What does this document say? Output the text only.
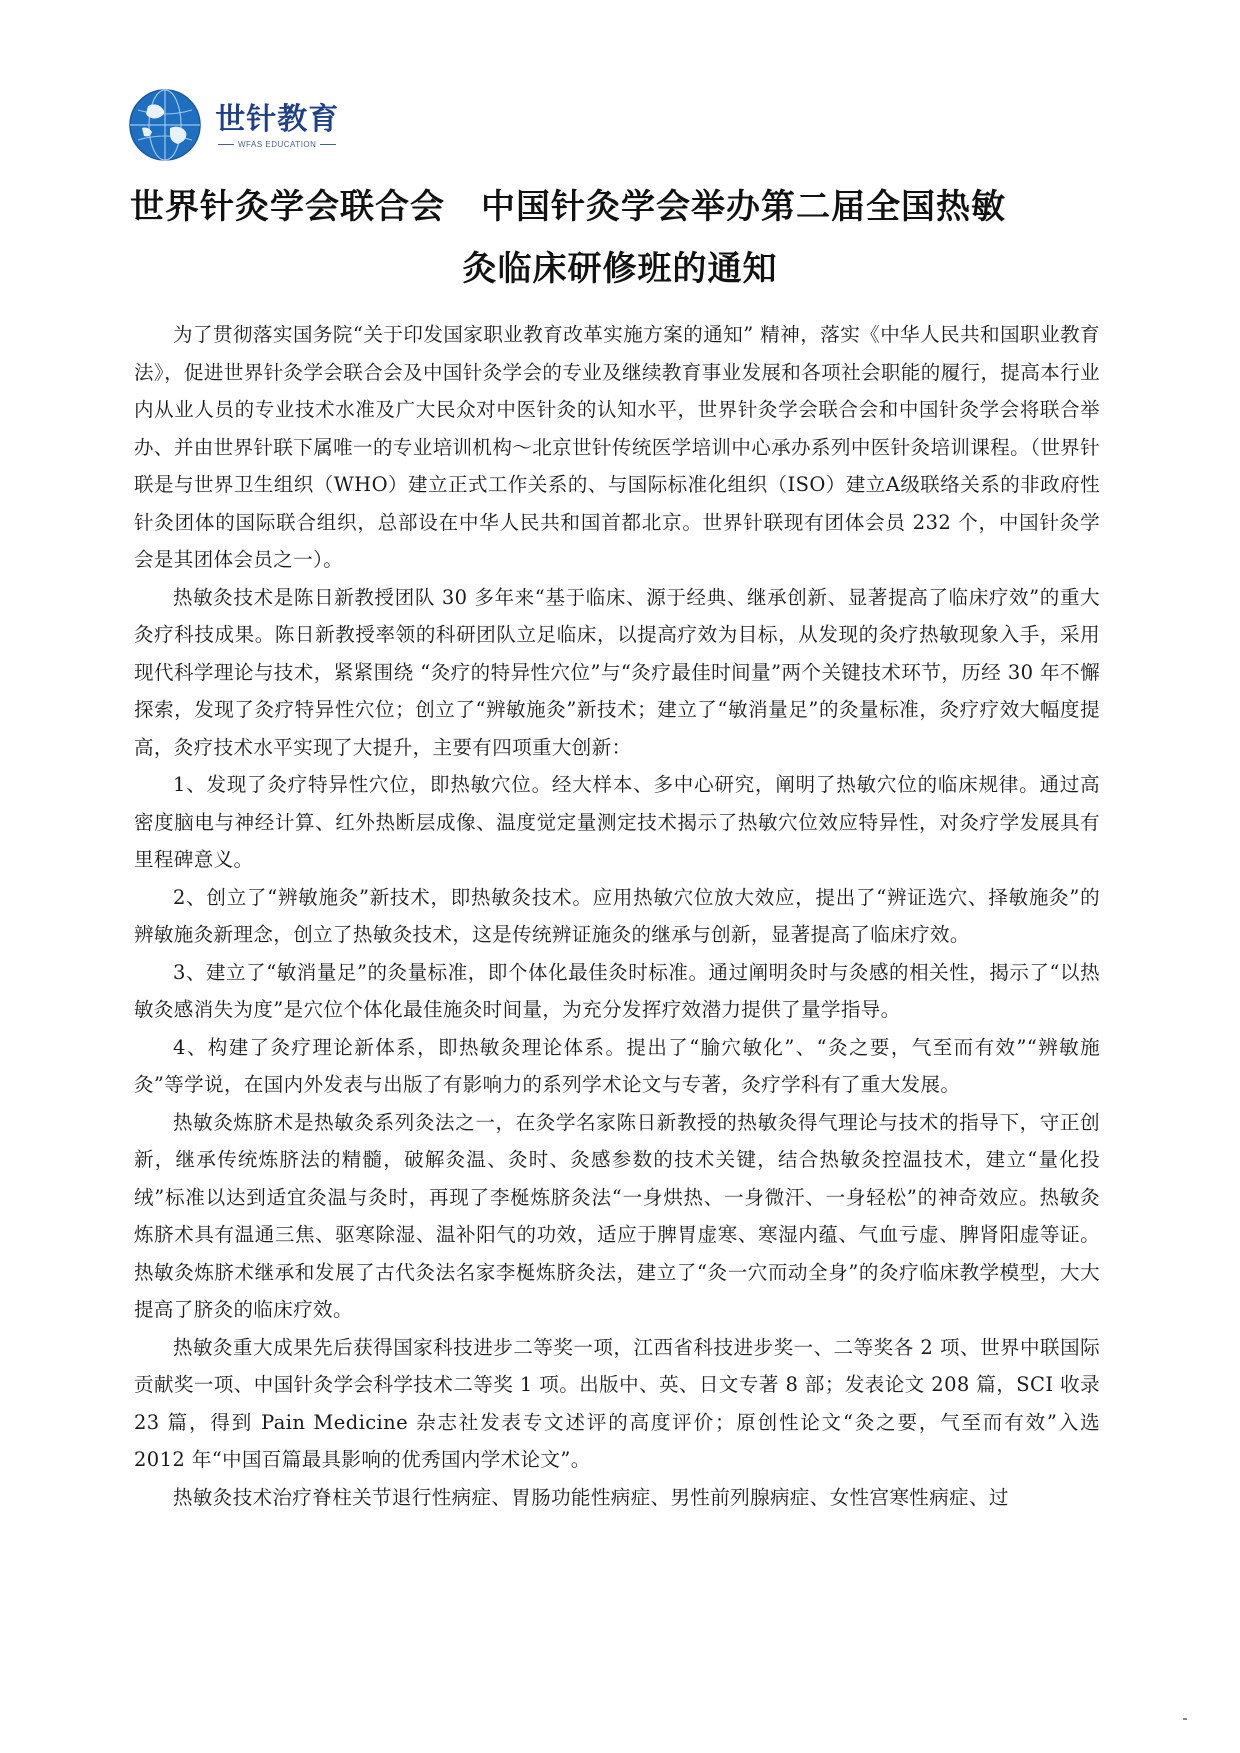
世针教育
WFAS EDUCATION
世界针灸学会联合会 中国针灸学会举办第二届全国热敏
灸临床研修班的通知

为了贯彻落实国务院“关于印发国家职业教育改革实施方案的通知” 精神，落实《中华人民共和国职业教育法》，促进世界针灸学会联合会及中国针灸学会的专业及继续教育事业发展和各项社会职能的履行，提高本行业内从业人员的专业技术水准及广大民众对中医针灸的认知水平，世界针灸学会联合会和中国针灸学会将联合举办、并由世界针联下属唯一的专业培训机构～北京世针传统医学培训中心承办系列中医针灸培训课程。（世界针联是与世界卫生组织（WHO）建立正式工作关系的、与国际标准化组织（ISO）建立A级联络关系的非政府性针灸团体的国际联合组织，总部设在中华人民共和国首都北京。世界针联现有团体会员 232 个，中国针灸学会是其团体会员之一）。

热敏灸技术是陈日新教授团队 30 多年来“基于临床、源于经典、继承创新、显著提高了临床疗效”的重大灸疗科技成果。陈日新教授率领的科研团队立足临床，以提高疗效为目标，从发现的灸疗热敏现象入手，采用现代科学理论与技术，紧紧围绕 “灸疗的特异性穴位”与“灸疗最佳时间量”两个关键技术环节，历经 30 年不懈探索，发现了灸疗特异性穴位；创立了“辨敏施灸”新技术；建立了“敏消量足”的灸量标准，灸疗疗效大幅度提高，灸疗技术水平实现了大提升，主要有四项重大创新：

1、发现了灸疗特异性穴位，即热敏穴位。经大样本、多中心研究，阐明了热敏穴位的临床规律。通过高密度脑电与神经计算、红外热断层成像、温度觉定量测定技术揭示了热敏穴位效应特异性，对灸疗学发展具有里程碑意义。

2、创立了“辨敏施灸”新技术，即热敏灸技术。应用热敏穴位放大效应，提出了“辨证选穴、择敏施灸”的辨敏施灸新理念，创立了热敏灸技术，这是传统辨证施灸的继承与创新，显著提高了临床疗效。

3、建立了“敏消量足”的灸量标准，即个体化最佳灸时标准。通过阐明灸时与灸感的相关性，揭示了“以热敏灸感消失为度”是穴位个体化最佳施灸时间量，为充分发挥疗效潜力提供了量学指导。

4、构建了灸疗理论新体系，即热敏灸理论体系。提出了“腧穴敏化”、“灸之要，气至而有效”“辨敏施灸”等学说，在国内外发表与出版了有影响力的系列学术论文与专著，灸疗学科有了重大发展。

热敏灸炼脐术是热敏灸系列灸法之一，在灸学名家陈日新教授的热敏灸得气理论与技术的指导下，守正创新，继承传统炼脐法的精髓，破解灸温、灸时、灸感参数的技术关键，结合热敏灸控温技术，建立“量化投绒”标准以达到适宜灸温与灸时，再现了李梴炼脐灸法“一身烘热、一身微汗、一身轻松”的神奇效应。热敏灸炼脐术具有温通三焦、驱寒除湿、温补阳气的功效，适应于脾胃虚寒、寒湿内蕴、气血亏虚、脾肾阳虚等证。热敏灸炼脐术继承和发展了古代灸法名家李梴炼脐灸法，建立了“灸一穴而动全身”的灸疗临床教学模型，大大提高了脐灸的临床疗效。

热敏灸重大成果先后获得国家科技进步二等奖一项，江西省科技进步奖一、二等奖各 2 项、世界中联国际贡献奖一项、中国针灸学会科学技术二等奖 1 项。出版中、英、日文专著 8 部；发表论文 208 篇，SCI 收录 23 篇，得到 Pain Medicine 杂志社发表专文述评的高度评价；原创性论文“灸之要，气至而有效”入选 2012 年“中国百篇最具影响的优秀国内学术论文”。

热敏灸技术治疗脊柱关节退行性病症、胃肠功能性病症、男性前列腺病症、女性宫寒性病症、过
